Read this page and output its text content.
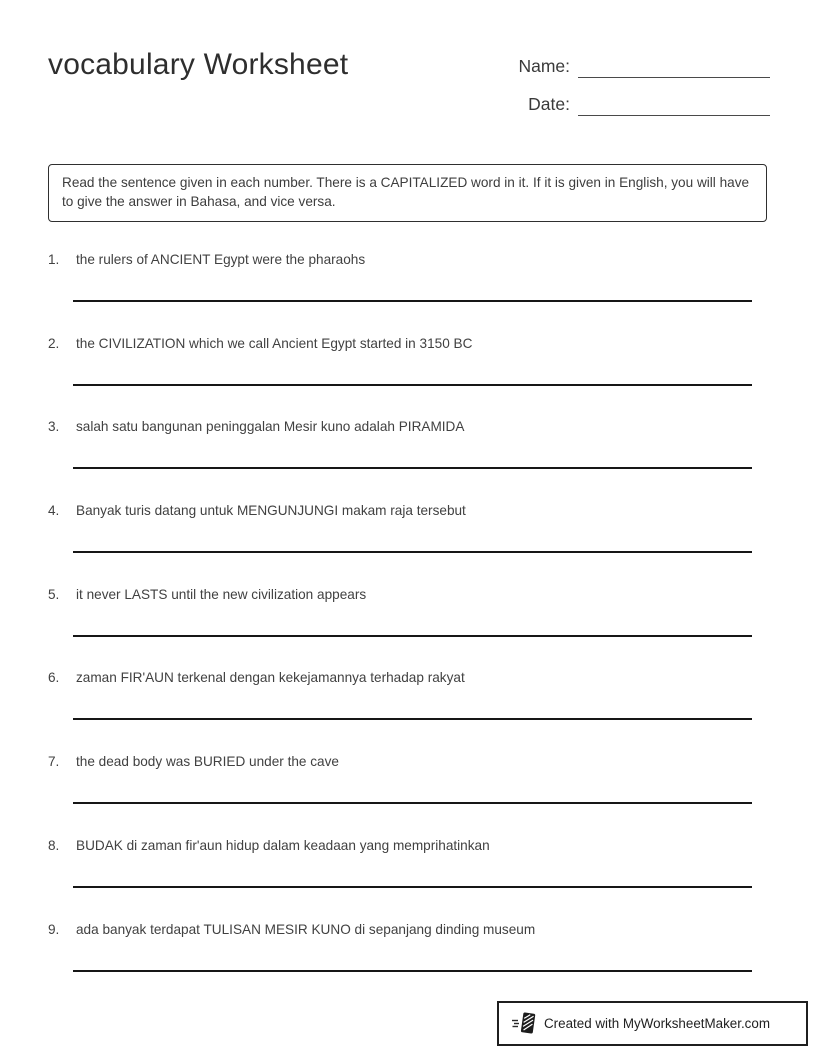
vocabulary Worksheet	Name:
Date:
Read the sentence given in each number. There is a CAPITALIZED word in it. If it is given in English, you will have to give the answer in Bahasa, and vice versa.
1. the rulers of ANCIENT Egypt were the pharaohs
2. the CIVILIZATION which we call Ancient Egypt started in 3150 BC
3. salah satu bangunan peninggalan Mesir kuno adalah PIRAMIDA
4. Banyak turis datang untuk MENGUNJUNGI makam raja tersebut
5. it never LASTS until the new civilization appears
6. zaman FIR'AUN terkenal dengan kekejamannya terhadap rakyat
7. the dead body was BURIED under the cave
8. BUDAK di zaman fir'aun hidup dalam keadaan yang memprihatinkan
9. ada banyak terdapat TULISAN MESIR KUNO di sepanjang dinding museum
Created with MyWorksheetMaker.com
